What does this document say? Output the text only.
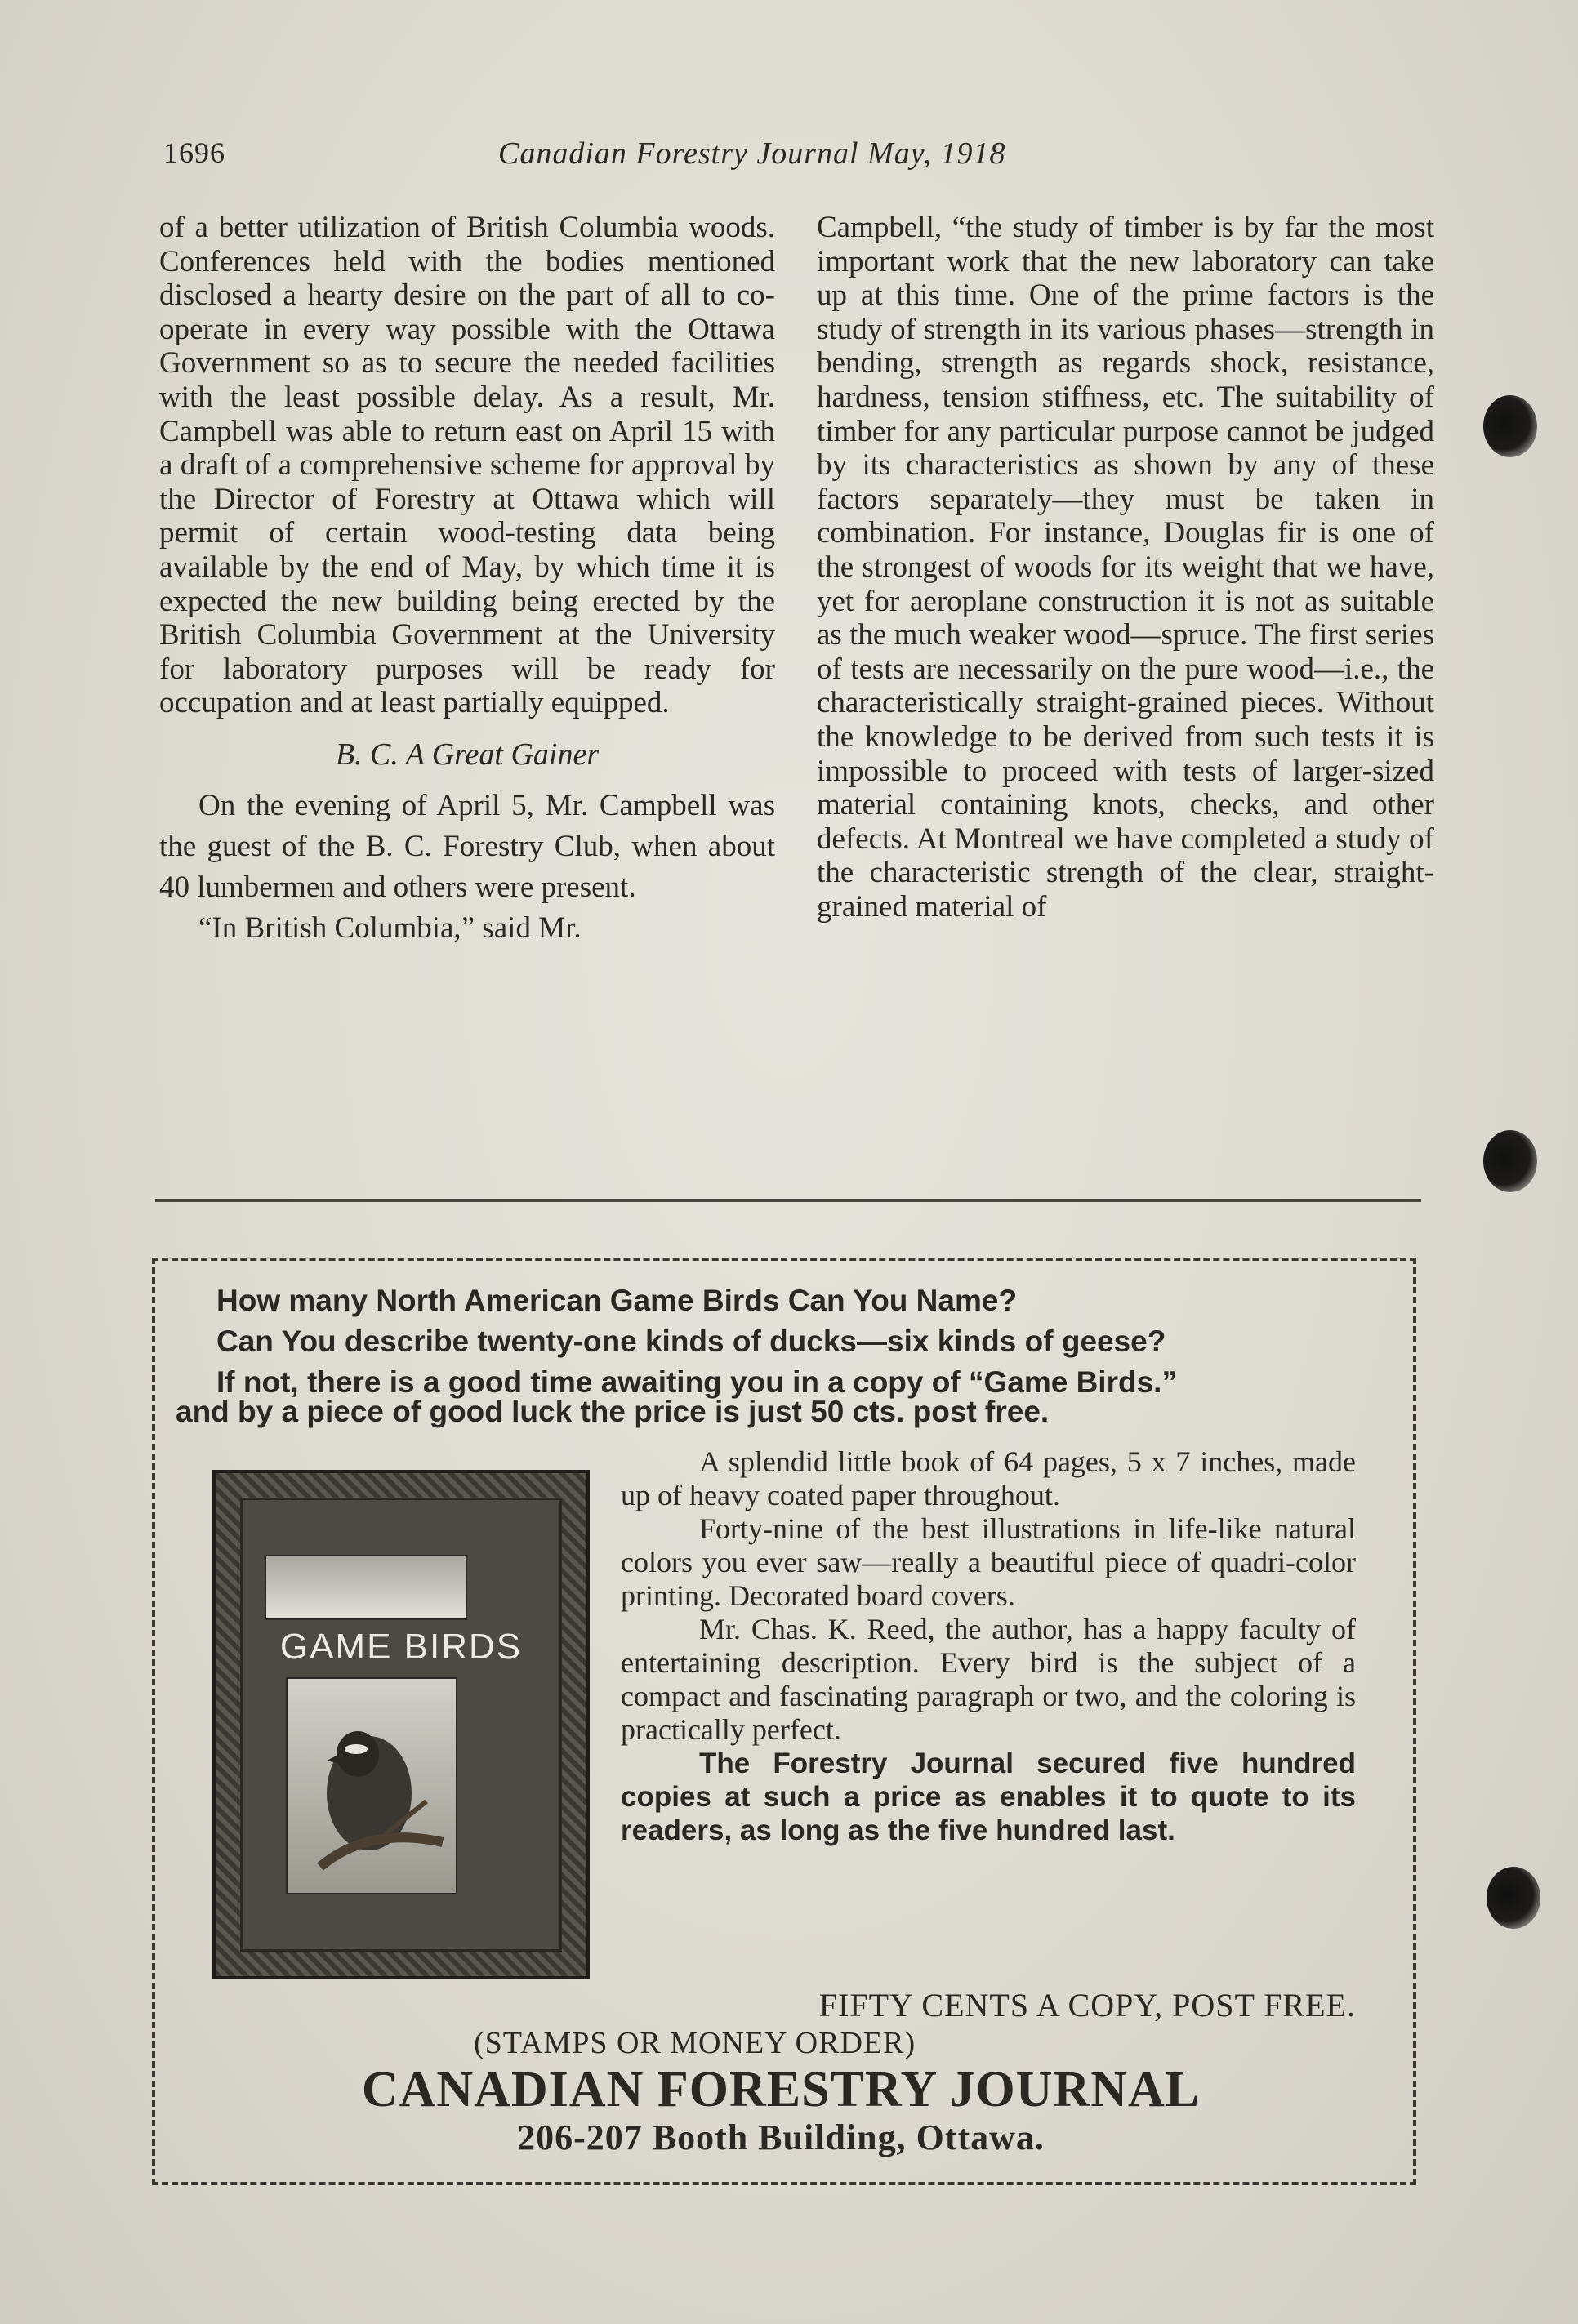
1696	Canadian Forestry Journal May, 1918

of a better utilization of British Columbia woods. Conferences held with the bodies mentioned disclosed a hearty desire on the part of all to co-operate in every way possible with the Ottawa Government so as to secure the needed facilities with the least possible delay. As a result, Mr. Campbell was able to return east on April 15 with a draft of a comprehensive scheme for approval by the Director of Forestry at Ottawa which will permit of certain wood-testing data being available by the end of May, by which time it is expected the new building being erected by the British Columbia Government at the University for laboratory purposes will be ready for occupation and at least partially equipped.

B. C. A Great Gainer

On the evening of April 5, Mr. Campbell was the guest of the B. C. Forestry Club, when about 40 lumbermen and others were present.

“In British Columbia,” said Mr.

Campbell, “the study of timber is by far the most important work that the new laboratory can take up at this time. One of the prime factors is the study of strength in its various phases—strength in bending, strength as regards shock, resistance, hardness, tension stiffness, etc. The suitability of timber for any particular purpose cannot be judged by its characteristics as shown by any of these factors separately—they must be taken in combination. For instance, Douglas fir is one of the strongest of woods for its weight that we have, yet for aeroplane construction it is not as suitable as the much weaker wood—spruce. The first series of tests are necessarily on the pure wood—i.e., the characteristically straight-grained pieces. Without the knowledge to be derived from such tests it is impossible to proceed with tests of larger-sized material containing knots, checks, and other defects. At Montreal we have completed a study of the characteristic strength of the clear, straight-grained material of

How many North American Game Birds Can You Name?
Can You describe twenty-one kinds of ducks—six kinds of geese?
If not, there is a good time awaiting you in a copy of “Game Birds.”
and by a piece of good luck the price is just 50 cts. post free.
GAME BIRDS

A splendid little book of 64 pages, 5 x 7 inches, made up of heavy coated paper throughout.

Forty-nine of the best illustrations in life-like natural colors you ever saw—really a beautiful piece of quadri-color printing. Decorated board covers.

Mr. Chas. K. Reed, the author, has a happy faculty of entertaining description. Every bird is the subject of a compact and fascinating paragraph or two, and the coloring is practically perfect.

The Forestry Journal secured five hundred copies at such a price as enables it to quote to its readers, as long as the five hundred last.

FIFTY CENTS A COPY, POST FREE.
(STAMPS OR MONEY ORDER)
CANADIAN FORESTRY JOURNAL
206-207 Booth Building, Ottawa.
